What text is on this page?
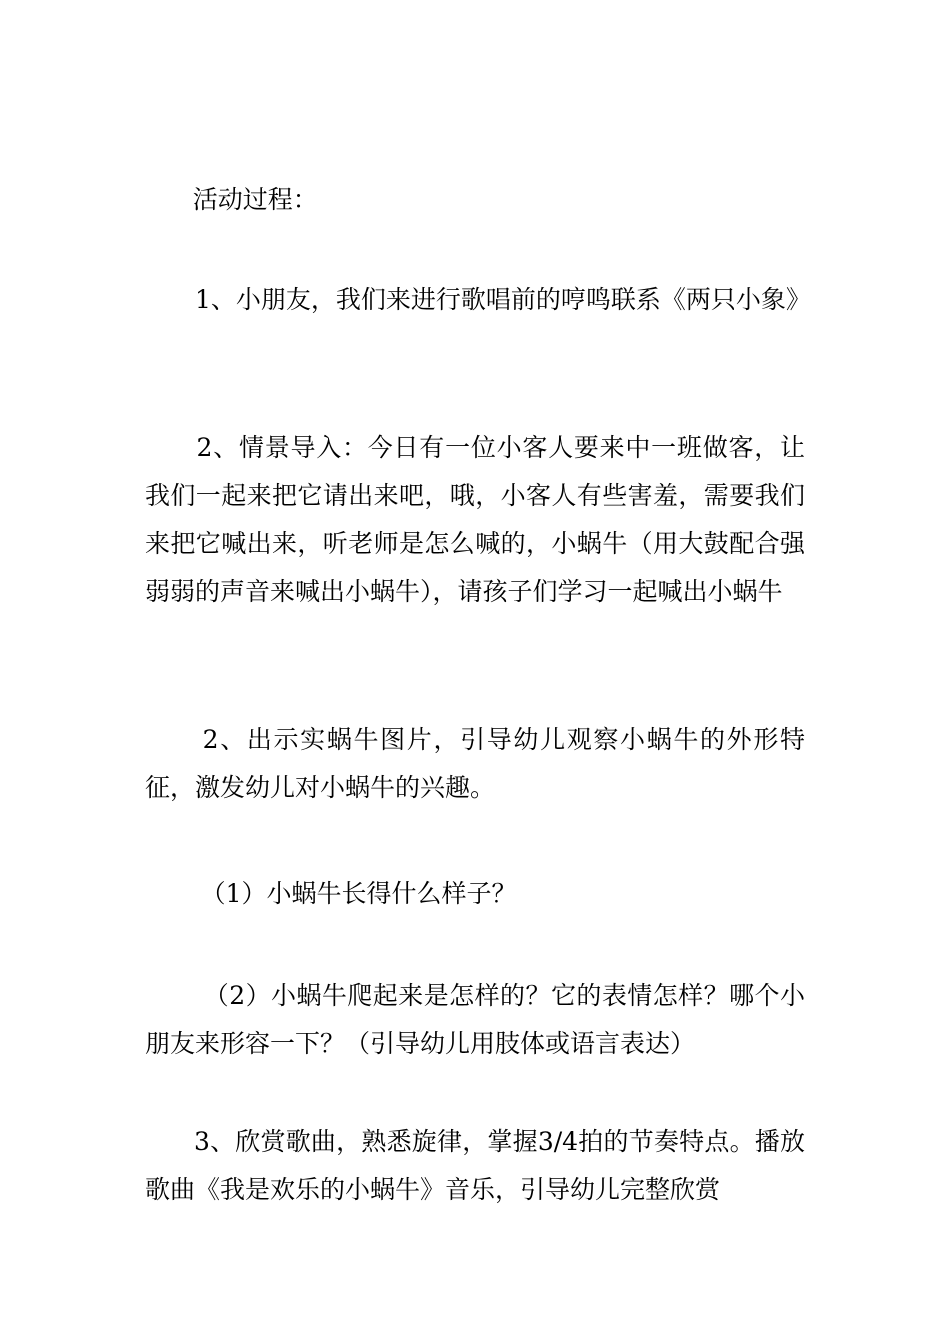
活动过程：

　　1、小朋友，我们来进行歌唱前的哼鸣联系《两只小象》

　　2、情景导入：今日有一位小客人要来中一班做客，让我们一起来把它请出来吧，哦，小客人有些害羞，需要我们来把它喊出来，听老师是怎么喊的，小蜗牛（用大鼓配合强弱弱的声音来喊出小蜗牛），请孩子们学习一起喊出小蜗牛

2、出示实蜗牛图片，引导幼儿观察小蜗牛的外形特征，激发幼儿对小蜗牛的兴趣。

（1）小蜗牛长得什么样子？

（2）小蜗牛爬起来是怎样的？它的表情怎样？哪个小朋友来形容一下？（引导幼儿用肢体或语言表达）

3、欣赏歌曲，熟悉旋律，掌握3/4拍的节奏特点。播放歌曲《我是欢乐的小蜗牛》音乐，引导幼儿完整欣赏
